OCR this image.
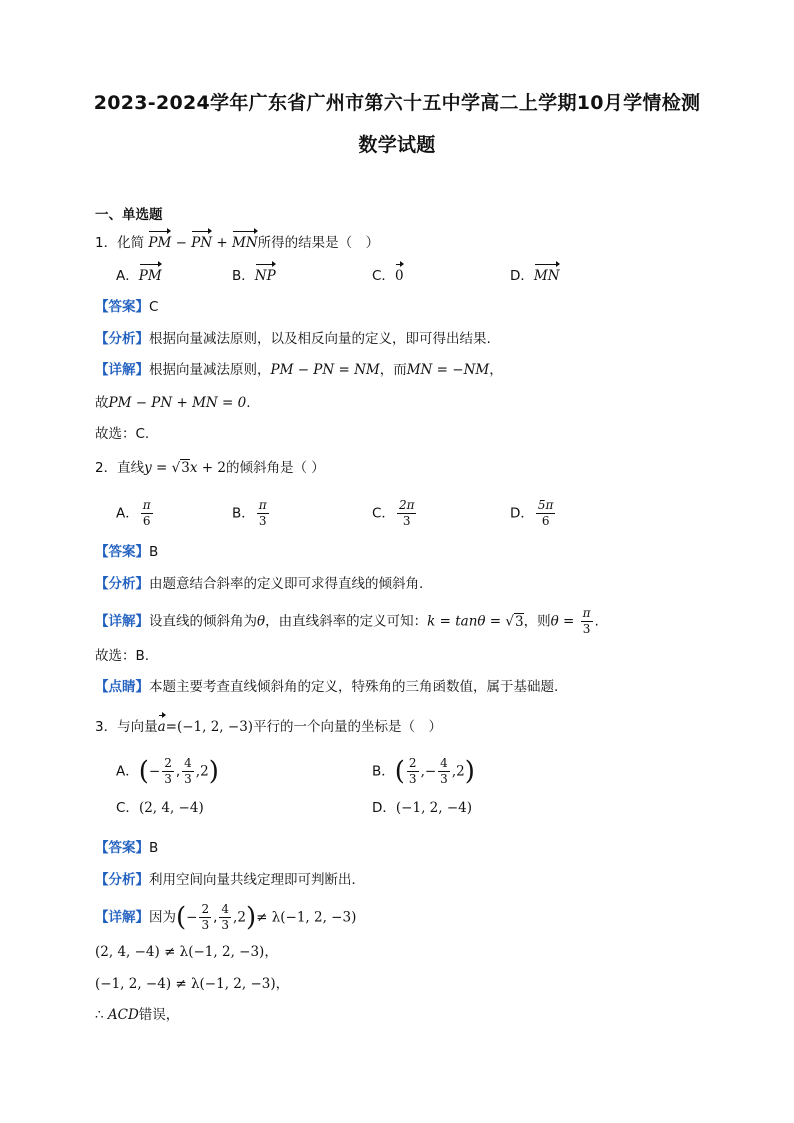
2023-2024学年广东省广州市第六十五中学高二上学期10月学情检测
数学试题
一、单选题
1．化简 PM − PN + MN所得的结果是（　）
A．PM	B．NP	C．0	D．MN
【答案】C
【分析】根据向量减法原则，以及相反向量的定义，即可得出结果.
【详解】根据向量减法原则，PM − PN = NM，而MN = −NM，
故PM − PN + MN = 0.
故选：C.
2．直线y = √3x + 2的倾斜角是（ ）
A． $\frac{\pi}{6}$	B． $\frac{\pi}{3}$	C． $\frac{2\pi}{3}$	D． $\frac{5\pi}{6}$
【答案】B
【分析】由题意结合斜率的定义即可求得直线的倾斜角.
【详解】设直线的倾斜角为θ，由直线斜率的定义可知：k = tanθ = √3，则$\theta = \frac{\pi}{3}$ .
故选：B.
【点睛】本题主要考查直线倾斜角的定义，特殊角的三角函数值，属于基础题.
3．与向量a=(−1, 2, −3)平行的一个向量的坐标是（　）
A．(− $\frac{2}{3}$ , $\frac{4}{3} ,2$)	B．( $\frac{2}{3}$ ,− $\frac{4}{3} ,2$)
C．(2, 4, −4)	D．(−1, 2, −4)
【答案】B
【分析】利用空间向量共线定理即可判断出．
【详解】因为(− $\frac{2}{3}$ , $\frac{4}{3} ,2)\ne \lambda(-1$, 2, −3)
(2, 4, −4) ≠ λ(−1, 2, −3)，
(−1, 2, −4) ≠ λ(−1, 2, −3)，
∴ ACD错误，
